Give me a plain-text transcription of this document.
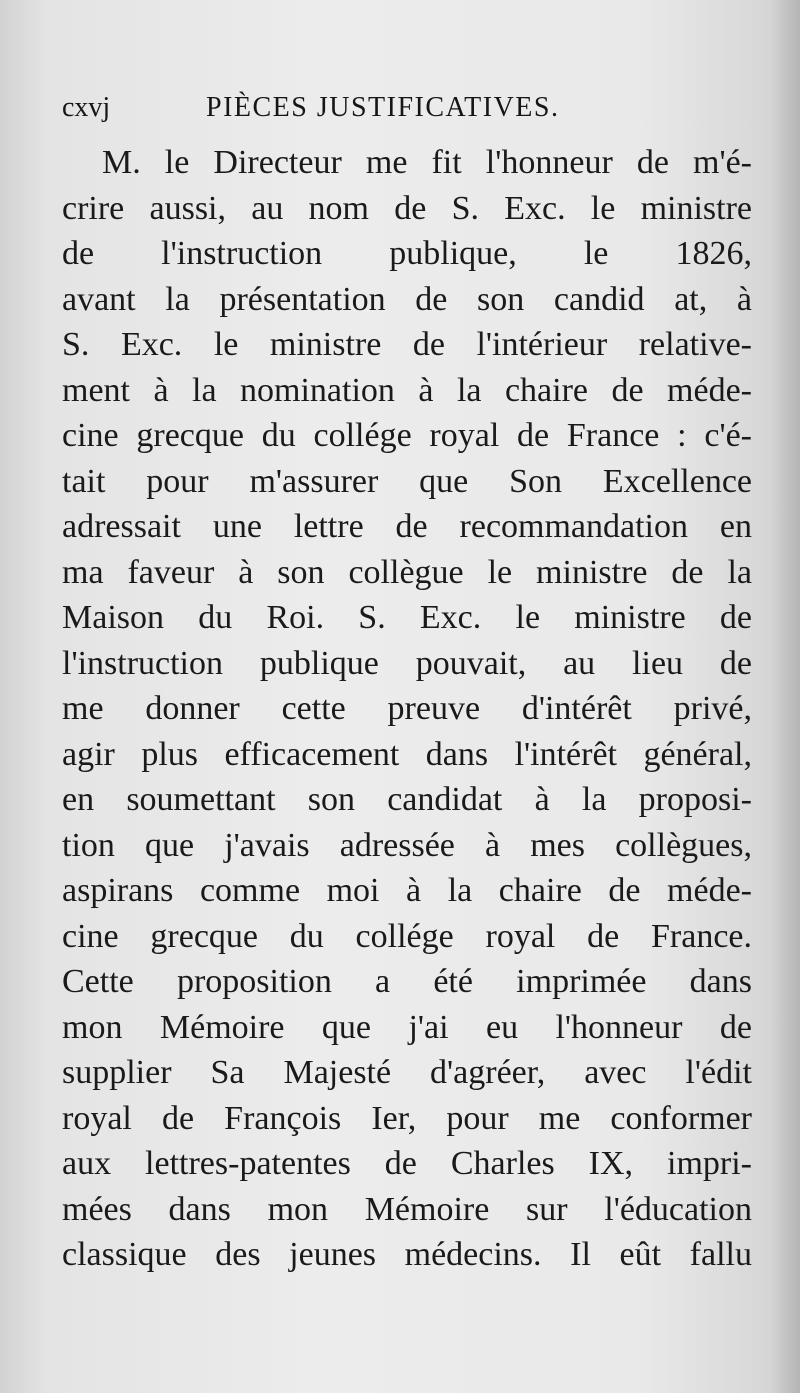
cxvj	PIÈCES JUSTIFICATIVES.
M. le Directeur me fit l'honneur de m'é-
crire aussi, au nom de S. Exc. le ministre
de l'instruction publique, le 1826,
avant la présentation de son candid at, à
S. Exc. le ministre de l'intérieur relative-
ment à la nomination à la chaire de méde-
cine grecque du collége royal de France : c'é-
tait pour m'assurer que Son Excellence
adressait une lettre de recommandation en
ma faveur à son collègue le ministre de la
Maison du Roi. S. Exc. le ministre de
l'instruction publique pouvait, au lieu de
me donner cette preuve d'intérêt privé,
agir plus efficacement dans l'intérêt général,
en soumettant son candidat à la proposi-
tion que j'avais adressée à mes collègues,
aspirans comme moi à la chaire de méde-
cine grecque du collége royal de France.
Cette proposition a été imprimée dans
mon Mémoire que j'ai eu l'honneur de
supplier Sa Majesté d'agréer, avec l'édit
royal de François Ier, pour me conformer
aux lettres-patentes de Charles IX, impri-
mées dans mon Mémoire sur l'éducation
classique des jeunes médecins. Il eût fallu
